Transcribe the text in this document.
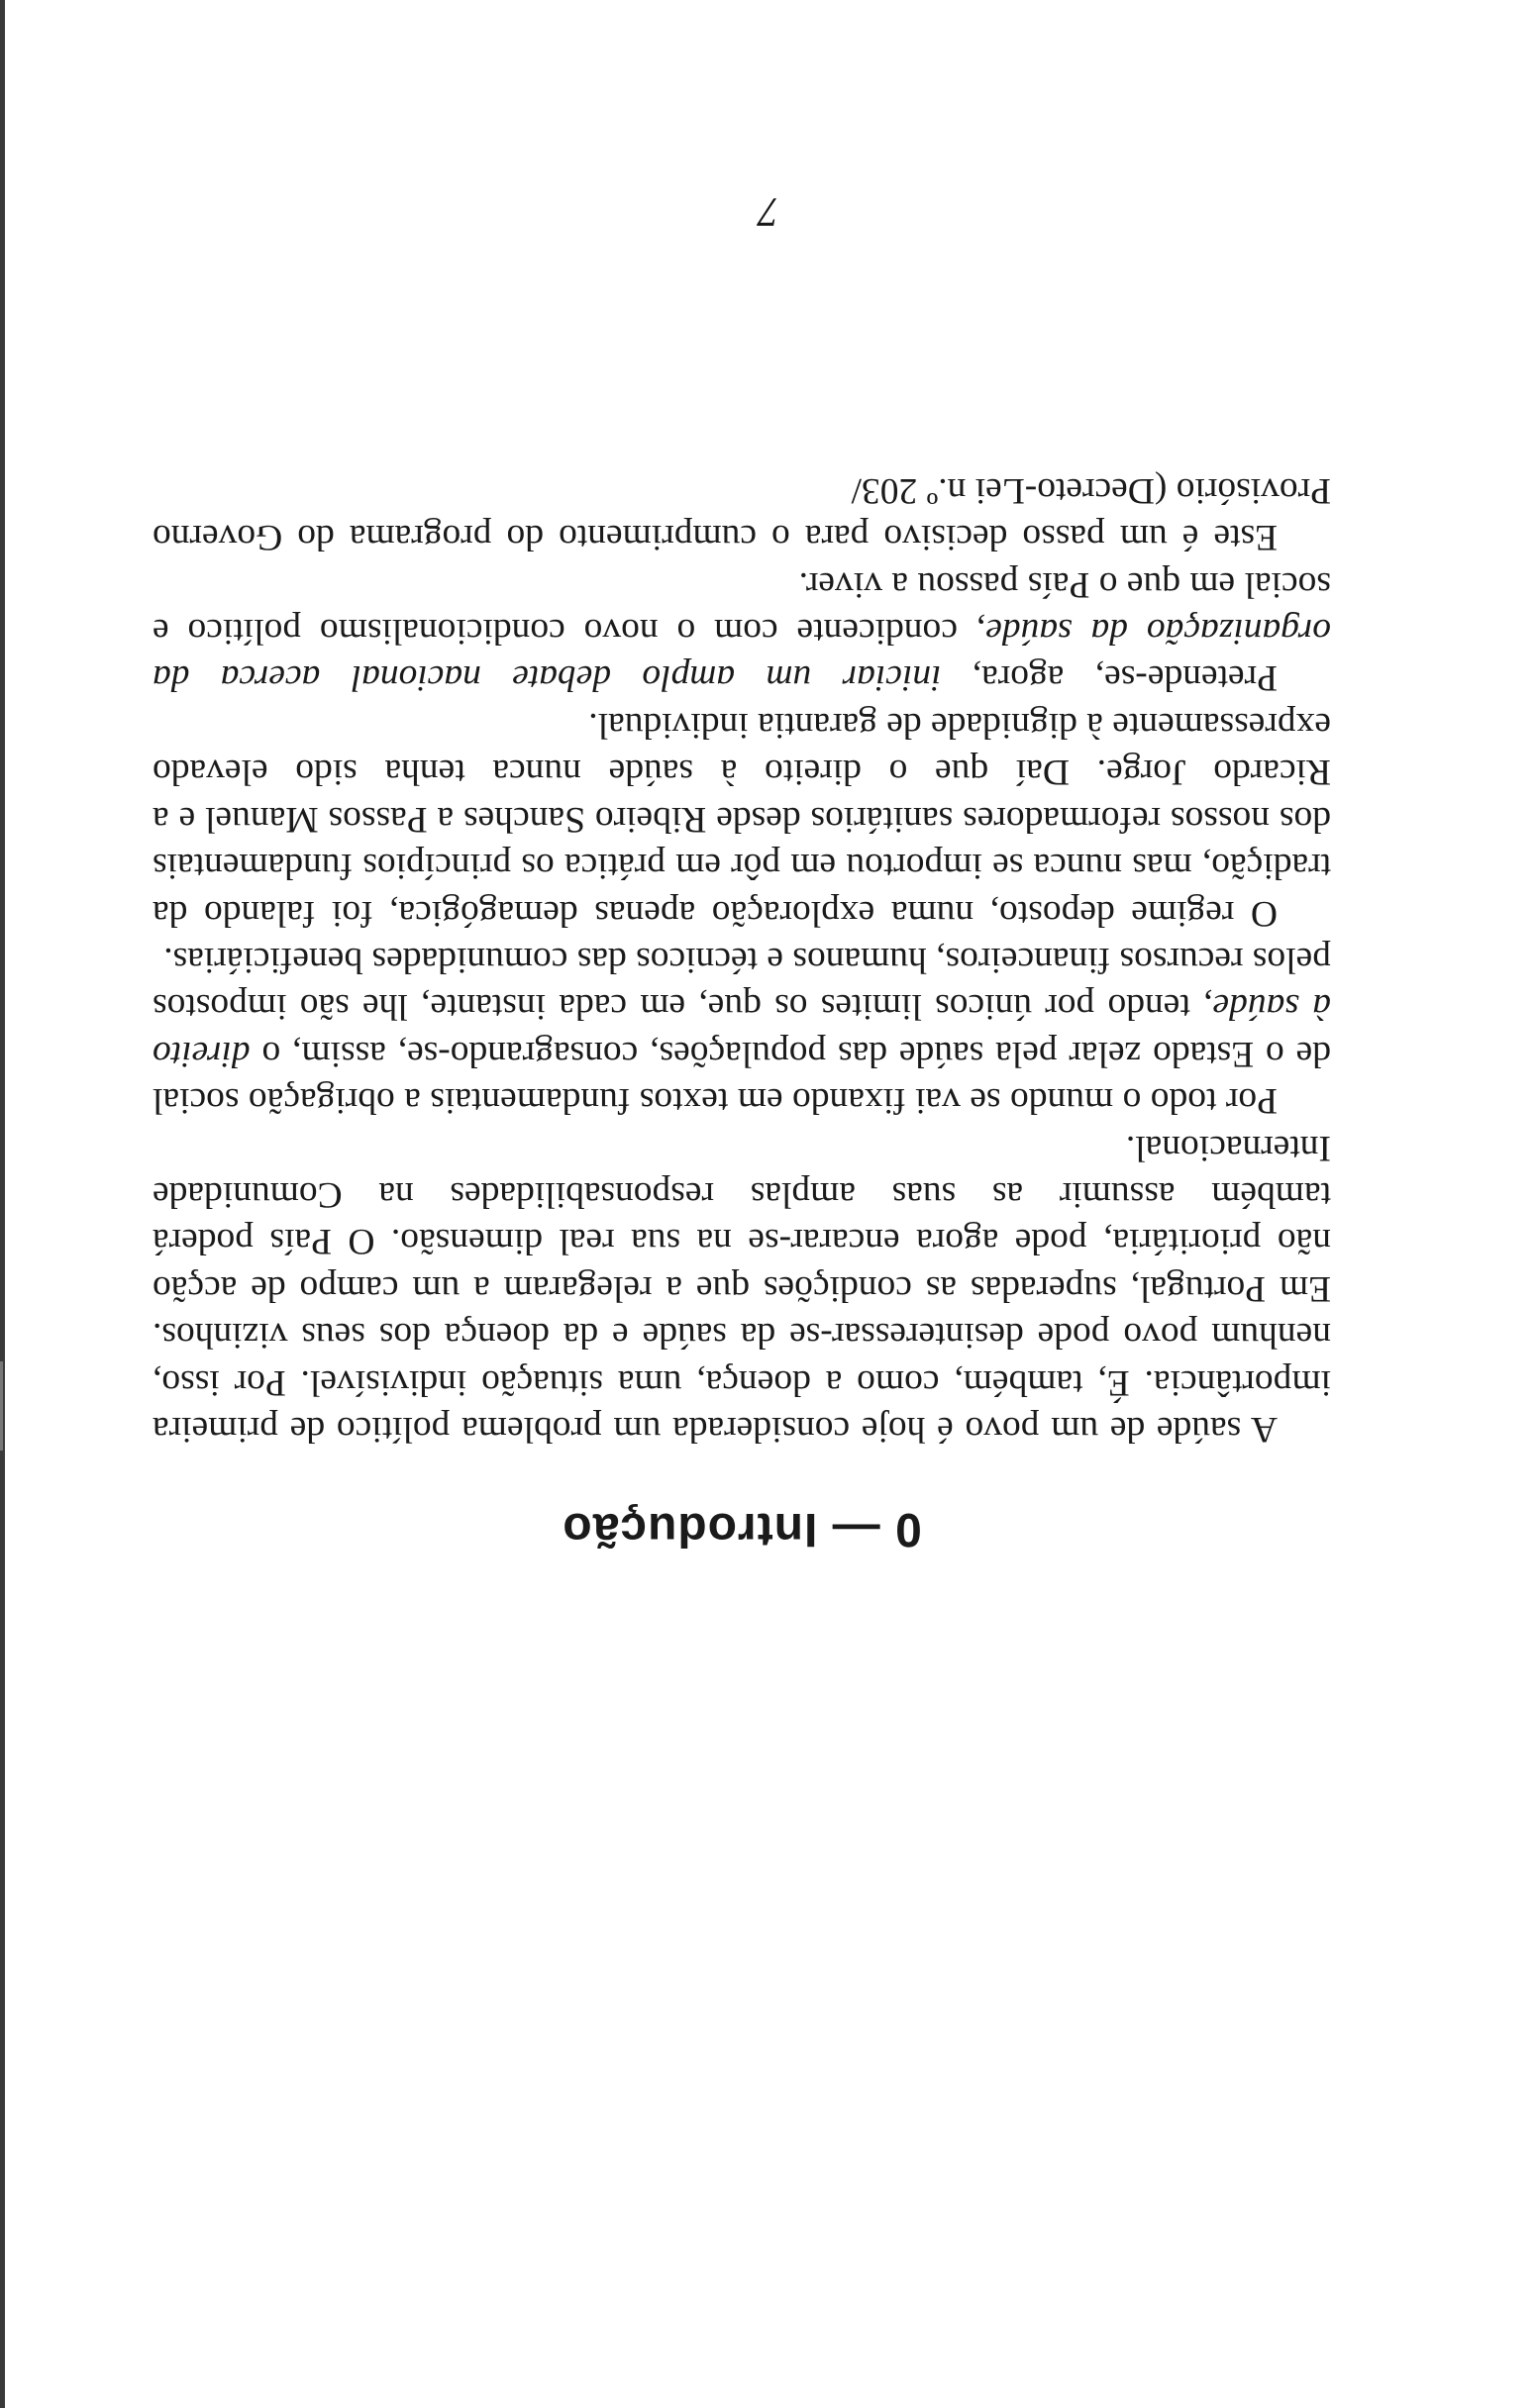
0 — Introdução

A saúde de um povo é hoje considerada um problema político de primeira importância. É, também, como a doença, uma situação indivisível. Por isso, nenhum povo pode desinteressar-se da saúde e da doença dos seus vizinhos. Em Portugal, superadas as condições que a relegaram a um campo de acção não prioritária, pode agora encarar-se na sua real dimensão. O País poderá também assumir as suas amplas responsabilidades na Comunidade Internacional.

Por todo o mundo se vai fixando em textos fundamentais a obrigação social de o Estado zelar pela saúde das populações, consagrando-se, assim, o direito à saúde, tendo por únicos limites os que, em cada instante, lhe são impostos pelos recursos financeiros, humanos e técnicos das comunidades beneficiárias.

O regime deposto, numa exploração apenas demagógica, foi falando da tradição, mas nunca se importou em pôr em prática os princípios fundamentais dos nossos reformadores sanitários desde Ribeiro Sanches a Passos Manuel e a Ricardo Jorge. Daí que o direito à saúde nunca tenha sido elevado expressamente à dignidade de garantia individual.

Pretende-se, agora, iniciar um amplo debate nacional acerca da organização da saúde, condicente com o novo condicionalismo político e social em que o País passou a viver.

Este é um passo decisivo para o cumprimento do programa do Governo Provisório (Decreto-Lei n.º 203/

7
